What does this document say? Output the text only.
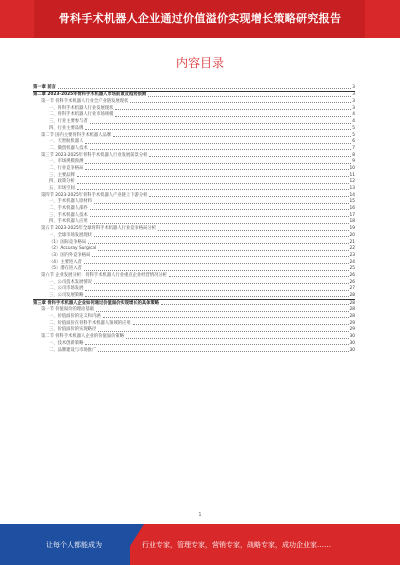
骨科手术机器人企业通过价值溢价实现增长策略研究报告
内容目录
第一章 前言	3
第二章 2023-2025年骨科手术机器人市场前景及趋势预测	3
第一节 骨科手术机器人行业全产业链发展现状	3
一、骨科手术机器人行业发展现状	3
二、骨科手术机器人行业市场规模	4
三、行业主要参与者	4
四、行业主要品牌	5
第二节 国内主要骨科手术机器人品牌	5
一、天智航机器人	6
二、微创机器人技术	7
第三节 2023-2025年骨科手术机器人行业发展前景分析	8
一、市场规模预测	9
二、行业竞争格局	10
三、主要品牌	11
四、政策分析	12
五、市场空间	13
第四节 2023-2025年骨科手术机器人产业链上下游分析	14
一、手术机器人原材料	15
二、手术机器人部件	16
三、手术机器人技术	17
四、手术机器人应用	18
第五节 2023-2025年全球骨科手术机器人行业竞争格局分析	19
一、全球市场发展现状	20
（1）国际竞争格局	21
（2）Accuray Surgical	22
（3）国内外竞争格局	23
（4）主要进入者	24
（5）潜在进入者	25
第六节 企业发展分析：骨科手术机器人行业重点企业经营情况分析	26
一、公司技术发展情况	26
二、公司市场发展	27
三、公司发展策略	28
第三章 骨科手术机器人企业如何通过价值溢价实现增长的具体策略	28
第一节 价值溢价的理论基础	28
一、价值溢价的定义和内涵	28
二、价值溢价在骨科手术机器人领域的应用	29
三、价值溢价的实现路径	29
第二节 骨科手术机器人企业的价值溢价策略	30
一、技术创新策略	30
二、品牌建设与市场推广	30
1
让每个人都能成为	行业专家，管理专家，营销专家，战略专家，成功企业家……
